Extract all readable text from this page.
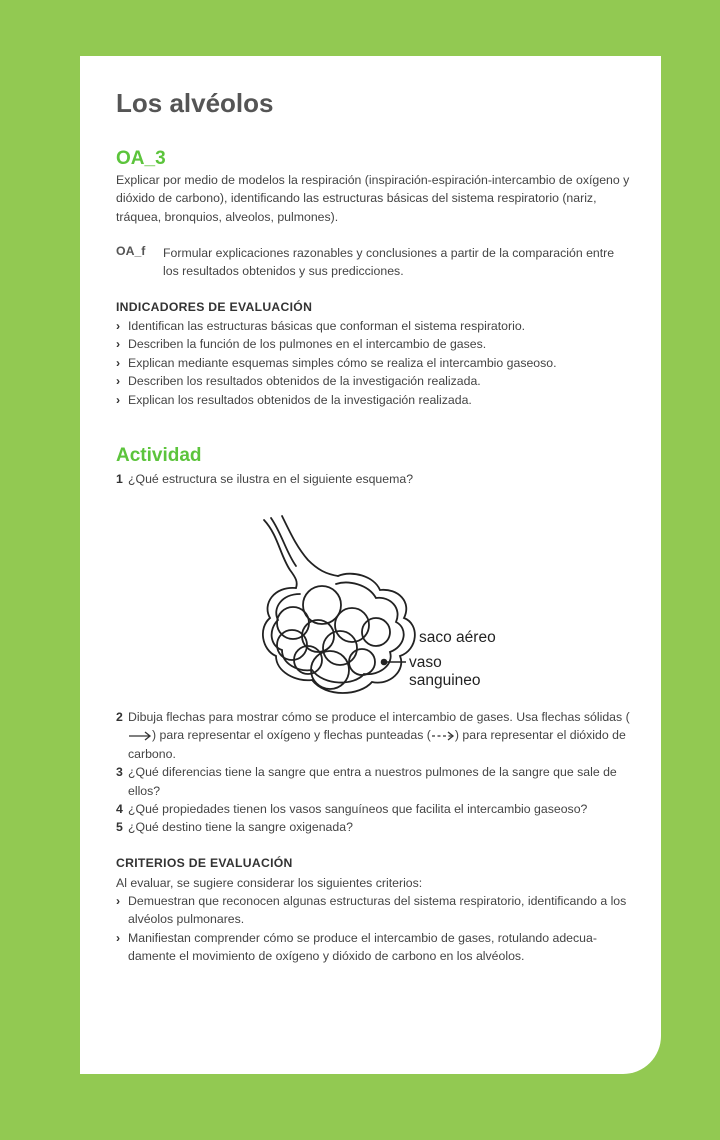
Los alvéolos
OA_3

Explicar por medio de modelos la respiración (inspiración-espiración-intercambio de oxígeno y dióxido de carbono), identificando las estructuras básicas del sistema respiratorio (nariz, tráquea, bronquios, alveolos, pulmones).

OA_f Formular explicaciones razonables y conclusiones a partir de la comparación entre los resultados obtenidos y sus predicciones.

INDICADORES DE EVALUACIÓN
› Identifican las estructuras básicas que conforman el sistema respiratorio.
› Describen la función de los pulmones en el intercambio de gases.
› Explican mediante esquemas simples cómo se realiza el intercambio gaseoso.
› Describen los resultados obtenidos de la investigación realizada.
› Explican los resultados obtenidos de la investigación realizada.
Actividad
1 ¿Qué estructura se ilustra en el siguiente esquema?
saco aéreo
vaso sanguineo
2 Dibuja flechas para mostrar cómo se produce el intercambio de gases. Usa flechas sólidas () para representar el oxígeno y flechas punteadas ( ) para representar el dióxido de carbono.
3 ¿Qué diferencias tiene la sangre que entra a nuestros pulmones de la sangre que sale de ellos?
4 ¿Qué propiedades tienen los vasos sanguíneos que facilita el intercambio gaseoso?
5 ¿Qué destino tiene la sangre oxigenada?
CRITERIOS DE EVALUACIÓN

Al evaluar, se sugiere considerar los siguientes criterios:

› Demuestran que reconocen algunas estructuras del sistema respiratorio, identificando a los alvéolos pulmonares.
› Manifiestan comprender cómo se produce el intercambio de gases, rotulando adecua-damente el movimiento de oxígeno y dióxido de carbono en los alvéolos.
